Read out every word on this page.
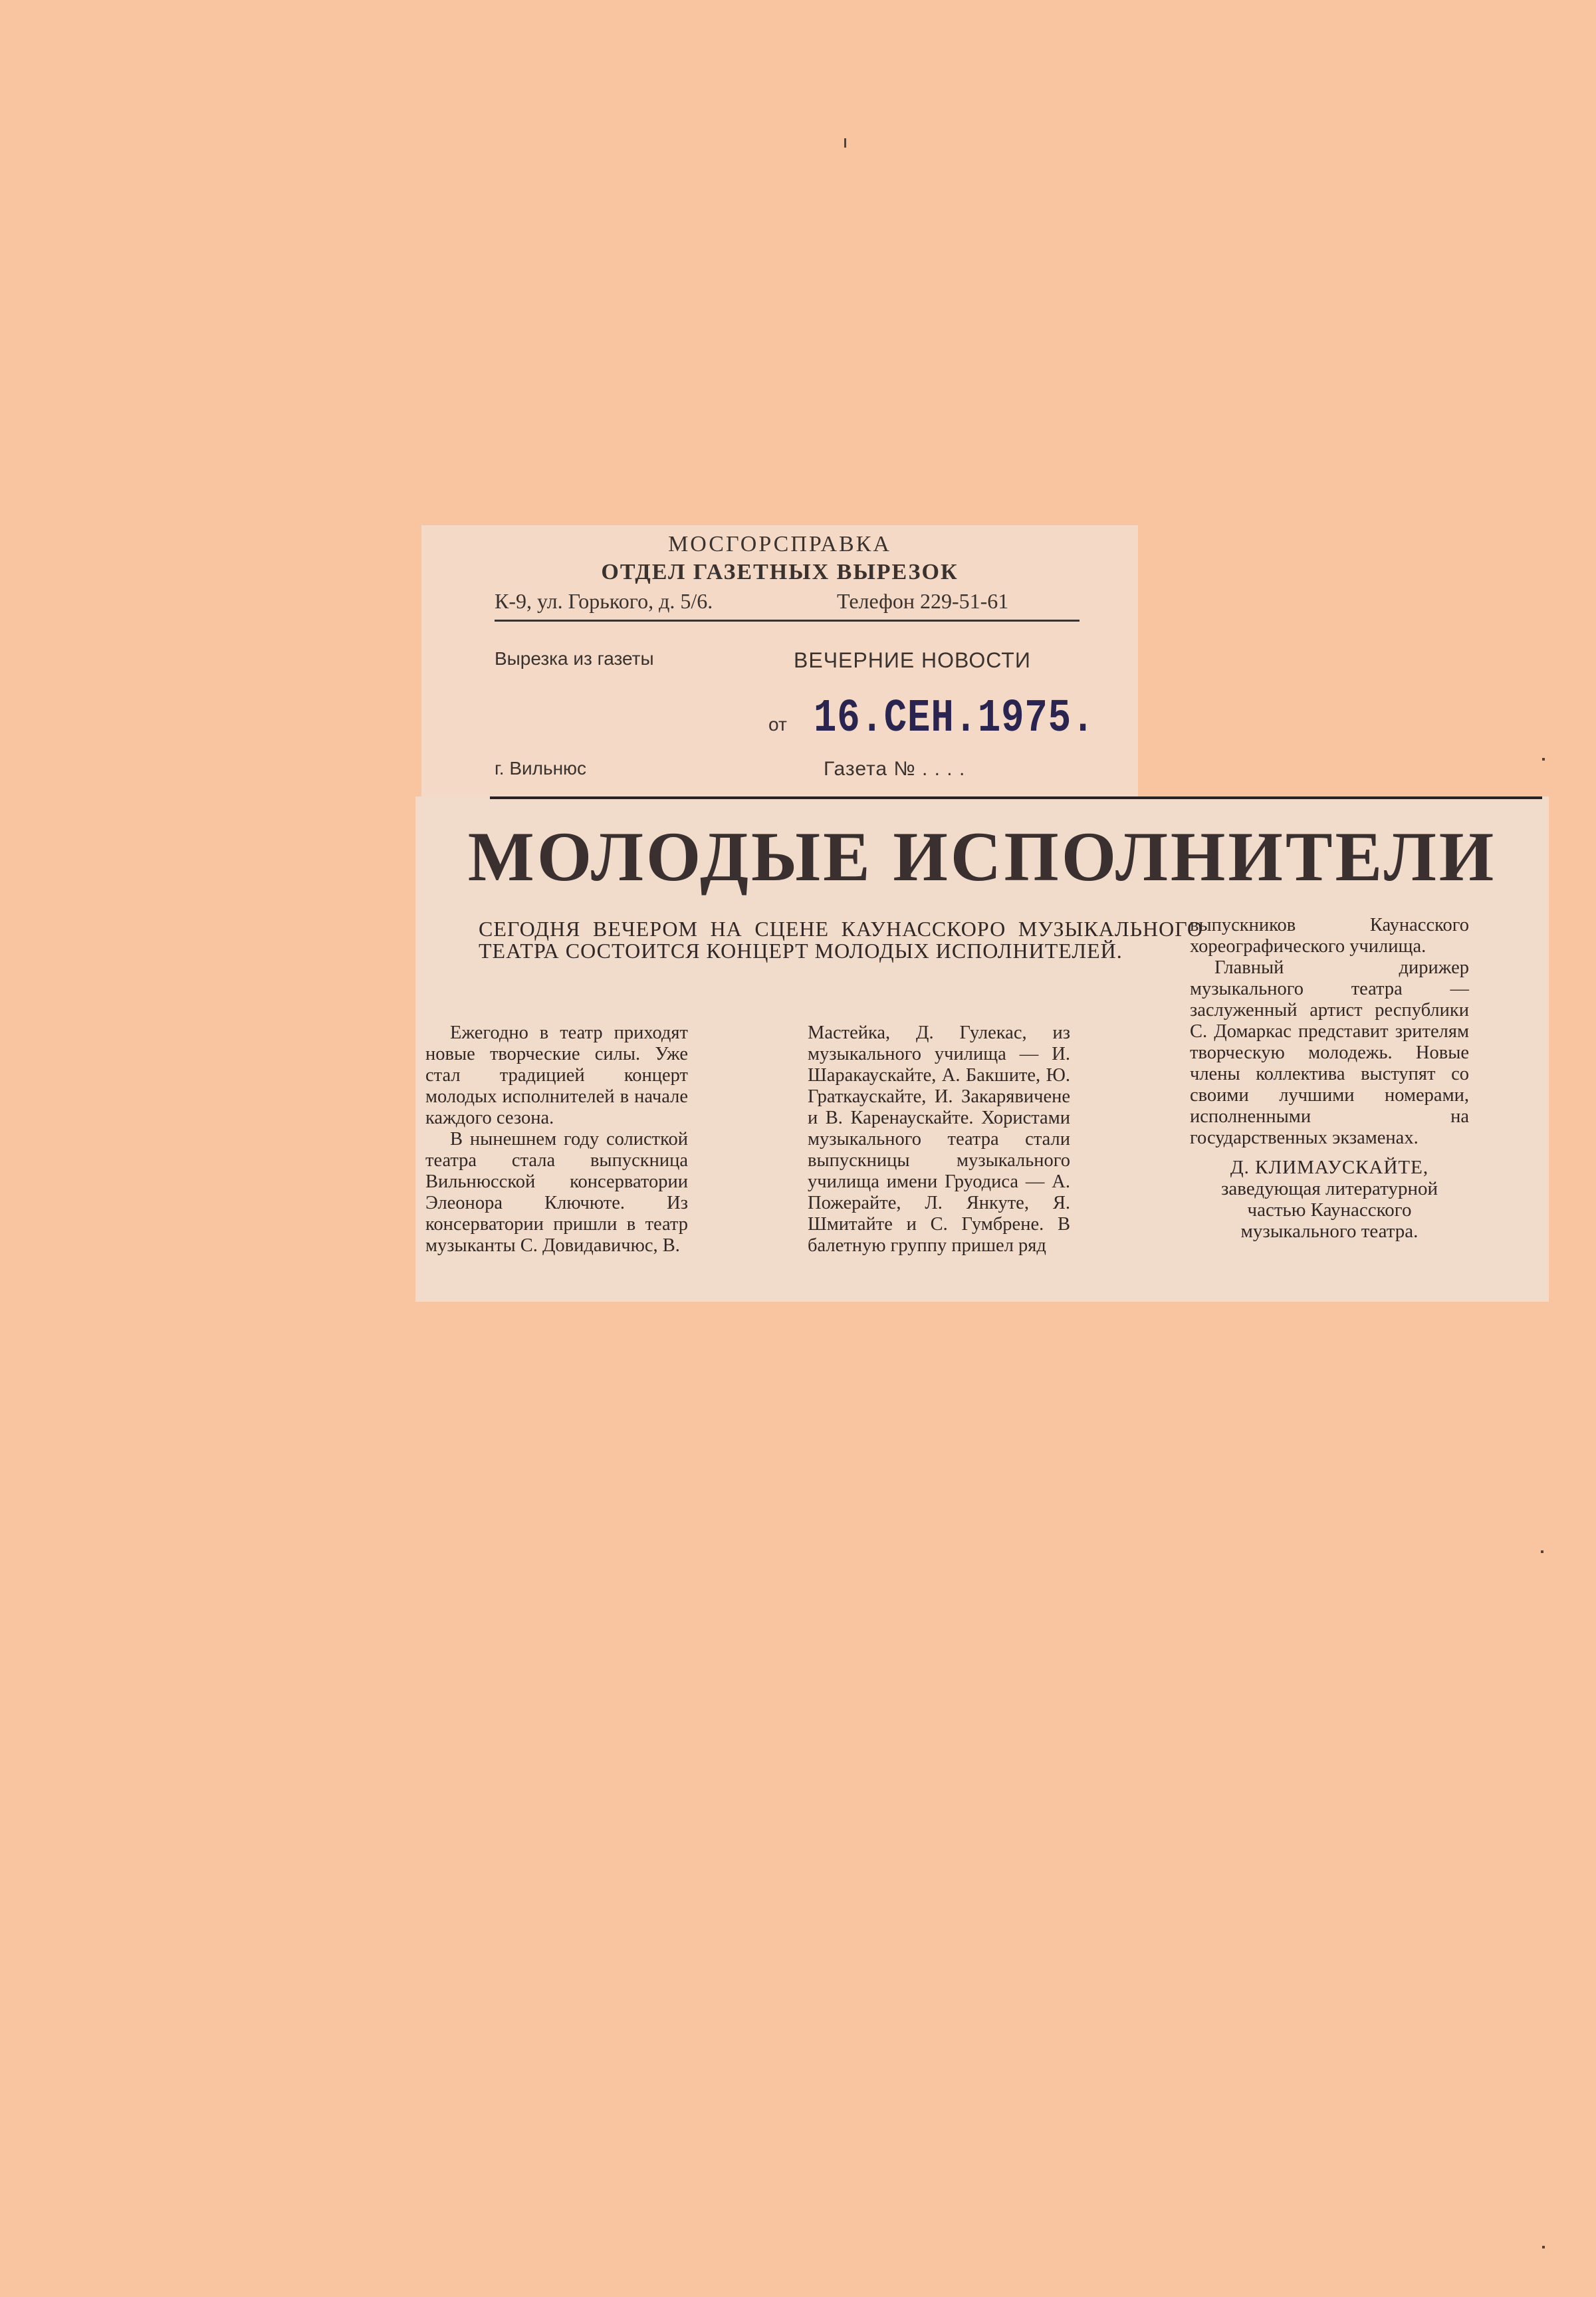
МОСГОРСПРАВКА
ОТДЕЛ ГАЗЕТНЫХ ВЫРЕЗОК
К-9, ул. Горького, д. 5/6.	Телефон 229-51-61
Вырезка из газеты	ВЕЧЕРНИЕ НОВОСТИ
от 16.СЕН.1975.
г. Вильнюс	Газета № . . . .
МОЛОДЫЕ ИСПОЛНИТЕЛИ
СЕГОДНЯ ВЕЧЕРОМ НА СЦЕНЕ КАУНАССКОРО МУЗЫКАЛЬНОГО ТЕАТРА СОСТОИТСЯ КОНЦЕРТ МОЛОДЫХ ИСПОЛНИТЕЛЕЙ.

Ежегодно в театр приходят новые творческие силы. Уже стал традицией концерт молодых исполнителей в начале каждого сезона.

В нынешнем году солисткой театра стала выпускница Вильнюсской консерватории Элеонора Ключюте. Из консерватории пришли в театр музыканты С. Довидавичюс, В.

Мастейка, Д. Гулекас, из музыкального училища — И. Шаракаускайте, А. Бакшите, Ю. Граткаускайте, И. Закарявичене и В. Каренаускайте. Хористами музыкального театра стали выпускницы музыкального училища имени Груодиса — А. Пожерайте, Л. Янкуте, Я. Шмитайте и С. Гумбрене. В балетную группу пришел ряд

выпускников Каунасского хореографического училища.

Главный дирижер музыкального театра — заслуженный артист республики С. Домаркас представит зрителям творческую молодежь. Новые члены коллектива выступят со своими лучшими номерами, исполненными на государственных экзаменах.

Д. КЛИМАУСКАЙТЕ,
заведующая литературной
частью Каунасского
музыкального театра.
